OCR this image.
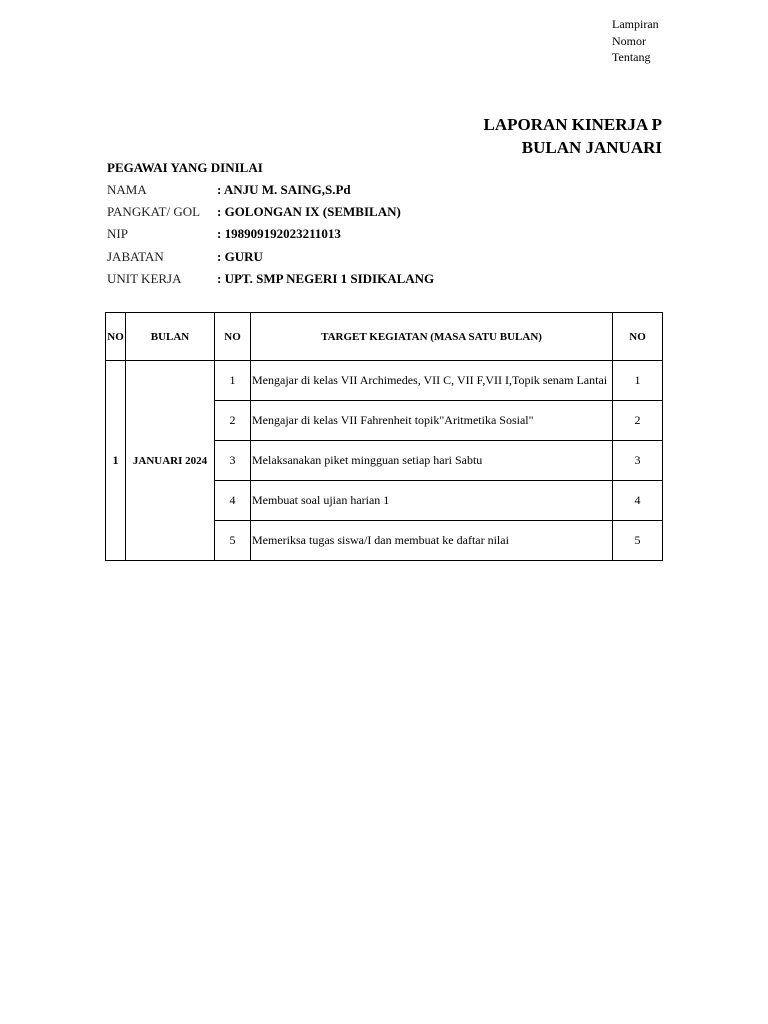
Lampiran
Nomor
Tentang
LAPORAN KINERJA P
BULAN JANUARI
PEGAWAI YANG DINILAI
NAMA	: ANJU M. SAING,S.Pd
PANGKAT/ GOL	: GOLONGAN IX (SEMBILAN)
NIP	: 198909192023211013
JABATAN	: GURU
UNIT KERJA	: UPT. SMP NEGERI 1 SIDIKALANG
NO	BULAN	NO	TARGET KEGIATAN (MASA SATU BULAN)	NO
1	JANUARI 2024	1	Mengajar di kelas VII Archimedes, VII C, VII F,VII I,Topik senam Lantai	1
		2	Mengajar di kelas VII Fahrenheit topik"Aritmetika Sosial"	2
		3	Melaksanakan piket mingguan setiap hari Sabtu	3
		4	Membuat soal ujian harian 1	4
		5	Memeriksa tugas siswa/I dan membuat ke daftar nilai	5
